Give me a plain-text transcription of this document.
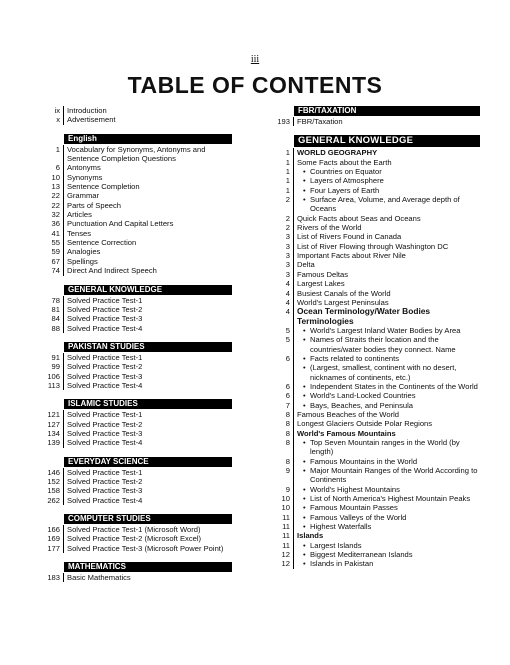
iii
TABLE OF CONTENTS
ix Introduction
x Advertisement
English
1 Vocabulary for Synonyms, Antonyms and Sentence Completion Questions
6 Antonyms
10 Synonyms
13 Sentence Completion
22 Grammar
22 Parts of Speech
32 Articles
36 Punctuation And Capital Letters
41 Tenses
55 Sentence Correction
59 Analogies
67 Spellings
74 Direct And Indirect Speech
GENERAL KNOWLEDGE
78 Solved Practice Test-1
81 Solved Practice Test-2
84 Solved Practice Test-3
88 Solved Practice Test-4
PAKISTAN STUDIES
91 Solved Practice Test-1
99 Solved Practice Test-2
106 Solved Practice Test-3
113 Solved Practice Test-4
ISLAMIC STUDIES
121 Solved Practice Test-1
127 Solved Practice Test-2
134 Solved Practice Test-3
139 Solved Practice Test-4
EVERYDAY SCIENCE
146 Solved Practice Test-1
152 Solved Practice Test-2
158 Solved Practice Test-3
262 Solved Practice Test-4
COMPUTER STUDIES
166 Solved Practice Test-1 (Microsoft Word)
169 Solved Practice Test-2 (Microsoft Excel)
177 Solved Practice Test-3 (Microsoft Power Point)
MATHEMATICS
183 Basic Mathematics
FBR/TAXATION
193 FBR/Taxation
GENERAL KNOWLEDGE
1 WORLD GEOGRAPHY
1 Some Facts about the Earth
1	• Countries on Equator
1	• Layers of Atmosphere
1	• Four Layers of Earth
2	• Surface Area, Volume, and Average depth of Oceans
2 Quick Facts about Seas and Oceans
2 Rivers of the World
3 List of Rivers Found in Canada
3 List of River Flowing through Washington DC
3 Important Facts about River Nile
3 Delta
3 Famous Deltas
4 Largest Lakes
4 Busiest Canals of the World
4 World's Largest Peninsulas
4 Ocean Terminology/Water Bodies Terminologies
5	• World's Largest Inland Water Bodies by Area
5	• Names of Straits their location and the countries/water bodies they connect. Name
6	• Facts related to continents
• (Largest, smallest, continent with no desert, nicknames of continents, etc.)
6	• Independent States in the Continents of the World
6	• World's Land-Locked Countries
7	• Bays, Beaches, and Peninsula
8 Famous Beaches of the World
8 Longest Glaciers Outside Polar Regions
8 World's Famous Mountains
8	• Top Seven Mountain ranges in the World (by length)
8	• Famous Mountains in the World
9	• Major Mountain Ranges of the World According to Continents
9	• World's Highest Mountains
10	• List of North America's Highest Mountain Peaks
10	• Famous Mountain Passes
11	• Famous Valleys of the World
11	• Highest Waterfalls
11 Islands
11	• Largest Islands
12	• Biggest Mediterranean Islands
12	• Islands in Pakistan
